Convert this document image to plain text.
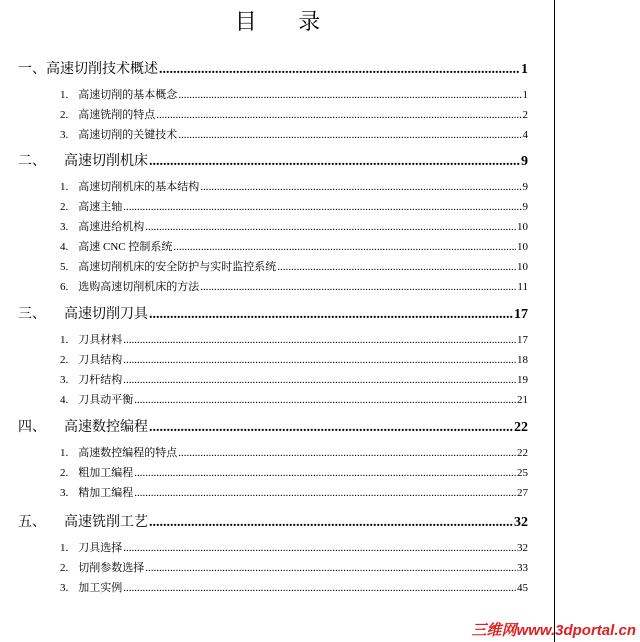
目 录
一、高速切削技术概述 .....	1
1. 高速切削的基本概念 .....	1
2. 高速铣削的特点 .....	2
3. 高速切削的关键技术 .....	4
二、 高速切削机床 .....	9
1. 高速切削机床的基本结构 .....	9
2. 高速主轴 .....	9
3. 高速进给机构 .....	10
4. 高速 CNC 控制系统 .....	10
5. 高速切削机床的安全防护与实时监控系统 .....	10
6. 选购高速切削机床的方法 .....	11
三、 高速切削刀具 .....	17
1. 刀具材料 .....	17
2. 刀具结构 .....	18
3. 刀杆结构 .....	19
4. 刀具动平衡 .....	21
四、 高速数控编程 .....	22
1. 高速数控编程的特点 .....	22
2. 粗加工编程 .....	25
3. 精加工编程 .....	27
五、 高速铣削工艺 .....	32
1. 刀具选择 .....	32
2. 切削参数选择 .....	33
3. 加工实例 .....	45
三维网www.3dportal.cn
